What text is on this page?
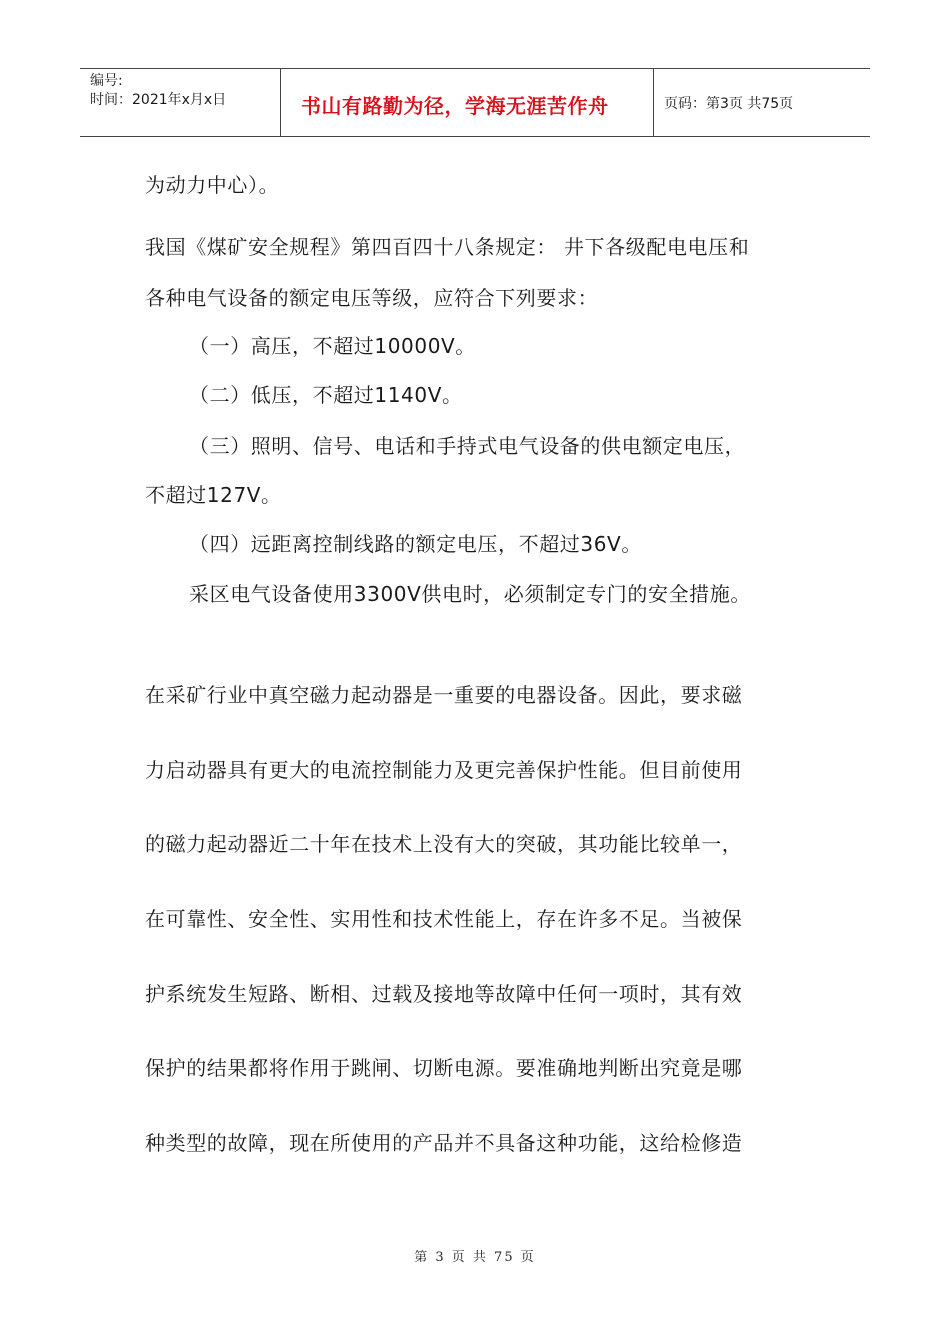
编号:
时间：2021年x月x日	书山有路勤为径，学海无涯苦作舟	页码：第3页 共75页
为动力中心）。
我国《煤矿安全规程》第四百四十八条规定： 井下各级配电电压和
各种电气设备的额定电压等级，应符合下列要求：
（一）高压，不超过10000V。
（二）低压，不超过1140V。
（三）照明、信号、电话和手持式电气设备的供电额定电压，
不超过127V。
（四）远距离控制线路的额定电压，不超过36V。
采区电气设备使用3300V供电时，必须制定专门的安全措施。
在采矿行业中真空磁力起动器是一重要的电器设备。因此，要求磁
力启动器具有更大的电流控制能力及更完善保护性能。但目前使用
的磁力起动器近二十年在技术上没有大的突破，其功能比较单一，
在可靠性、安全性、实用性和技术性能上，存在许多不足。当被保
护系统发生短路、断相、过载及接地等故障中任何一项时，其有效
保护的结果都将作用于跳闸、切断电源。要准确地判断出究竟是哪
种类型的故障，现在所使用的产品并不具备这种功能，这给检修造
第 3 页 共 75 页
